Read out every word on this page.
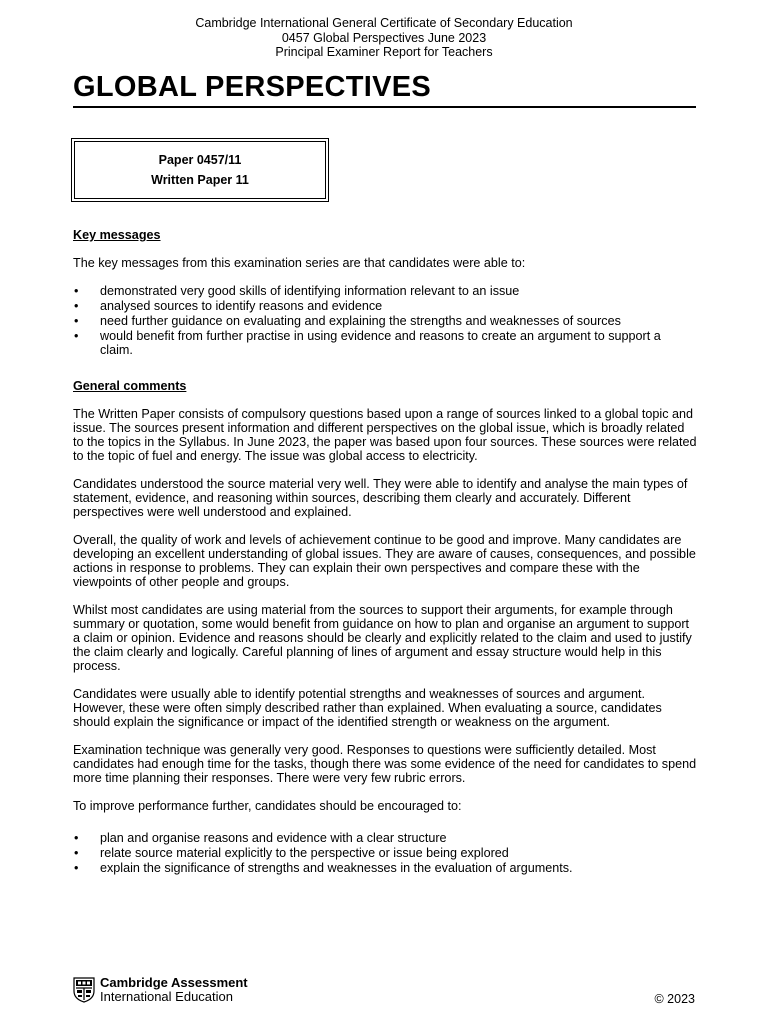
Cambridge International General Certificate of Secondary Education
0457 Global Perspectives June 2023
Principal Examiner Report for Teachers
GLOBAL PERSPECTIVES
Paper 0457/11
Written Paper 11
Key messages

The key messages from this examination series are that candidates were able to:

• demonstrated very good skills of identifying information relevant to an issue
• analysed sources to identify reasons and evidence
• need further guidance on evaluating and explaining the strengths and weaknesses of sources
• would benefit from further practise in using evidence and reasons to create an argument to support a claim.
General comments

The Written Paper consists of compulsory questions based upon a range of sources linked to a global topic and issue. The sources present information and different perspectives on the global issue, which is broadly related to the topics in the Syllabus. In June 2023, the paper was based upon four sources. These sources were related to the topic of fuel and energy. The issue was global access to electricity.

Candidates understood the source material very well. They were able to identify and analyse the main types of statement, evidence, and reasoning within sources, describing them clearly and accurately. Different perspectives were well understood and explained.

Overall, the quality of work and levels of achievement continue to be good and improve. Many candidates are developing an excellent understanding of global issues. They are aware of causes, consequences, and possible actions in response to problems. They can explain their own perspectives and compare these with the viewpoints of other people and groups.

Whilst most candidates are using material from the sources to support their arguments, for example through summary or quotation, some would benefit from guidance on how to plan and organise an argument to support a claim or opinion. Evidence and reasons should be clearly and explicitly related to the claim and used to justify the claim clearly and logically. Careful planning of lines of argument and essay structure would help in this process.

Candidates were usually able to identify potential strengths and weaknesses of sources and argument. However, these were often simply described rather than explained. When evaluating a source, candidates should explain the significance or impact of the identified strength or weakness on the argument.

Examination technique was generally very good. Responses to questions were sufficiently detailed. Most candidates had enough time for the tasks, though there was some evidence of the need for candidates to spend more time planning their responses. There were very few rubric errors.

To improve performance further, candidates should be encouraged to:

• plan and organise reasons and evidence with a clear structure
• relate source material explicitly to the perspective or issue being explored
• explain the significance of strengths and weaknesses in the evaluation of arguments.
Cambridge Assessment
International Education	© 2023
